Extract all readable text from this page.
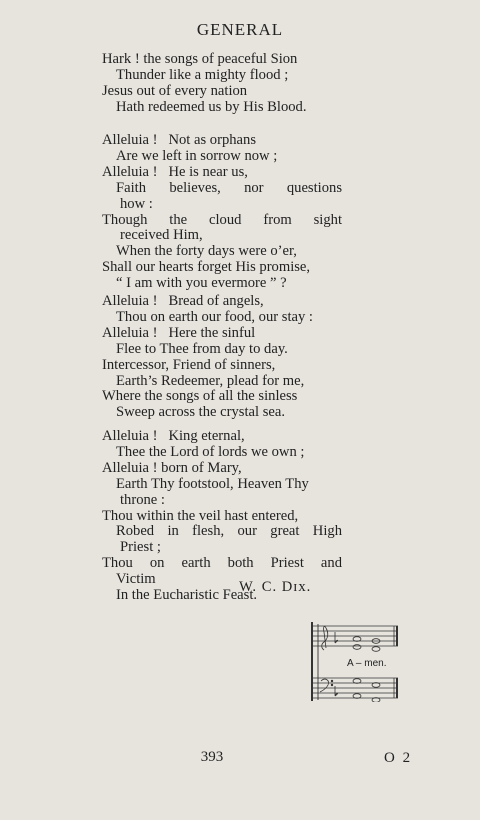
GENERAL
Hark ! the songs of peaceful Sion
Thunder like a mighty flood ;
Jesus out of every nation
Hath redeemed us by His Blood.
Alleluia !   Not as orphans
Are we left in sorrow now ;
Alleluia !   He is near us,
Faith believes, nor questions
how :
Though the cloud from sight
received Him,
When the forty days were o’er,
Shall our hearts forget His promise,
“ I am with you evermore ” ?
Alleluia !   Bread of angels,
Thou on earth our food, our stay :
Alleluia !   Here the sinful
Flee to Thee from day to day.
Intercessor, Friend of sinners,
Earth’s Redeemer, plead for me,
Where the songs of all the sinless
Sweep across the crystal sea.
Alleluia !   King eternal,
Thee the Lord of lords we own ;
Alleluia ! born of Mary,
Earth Thy footstool, Heaven Thy
throne :
Thou within the veil hast entered,
Robed in flesh, our great High
Priest ;
Thou on earth both Priest and
Victim
In the Eucharistic Feast.
W. C. Dɪx.
A – men.
393	O 2
